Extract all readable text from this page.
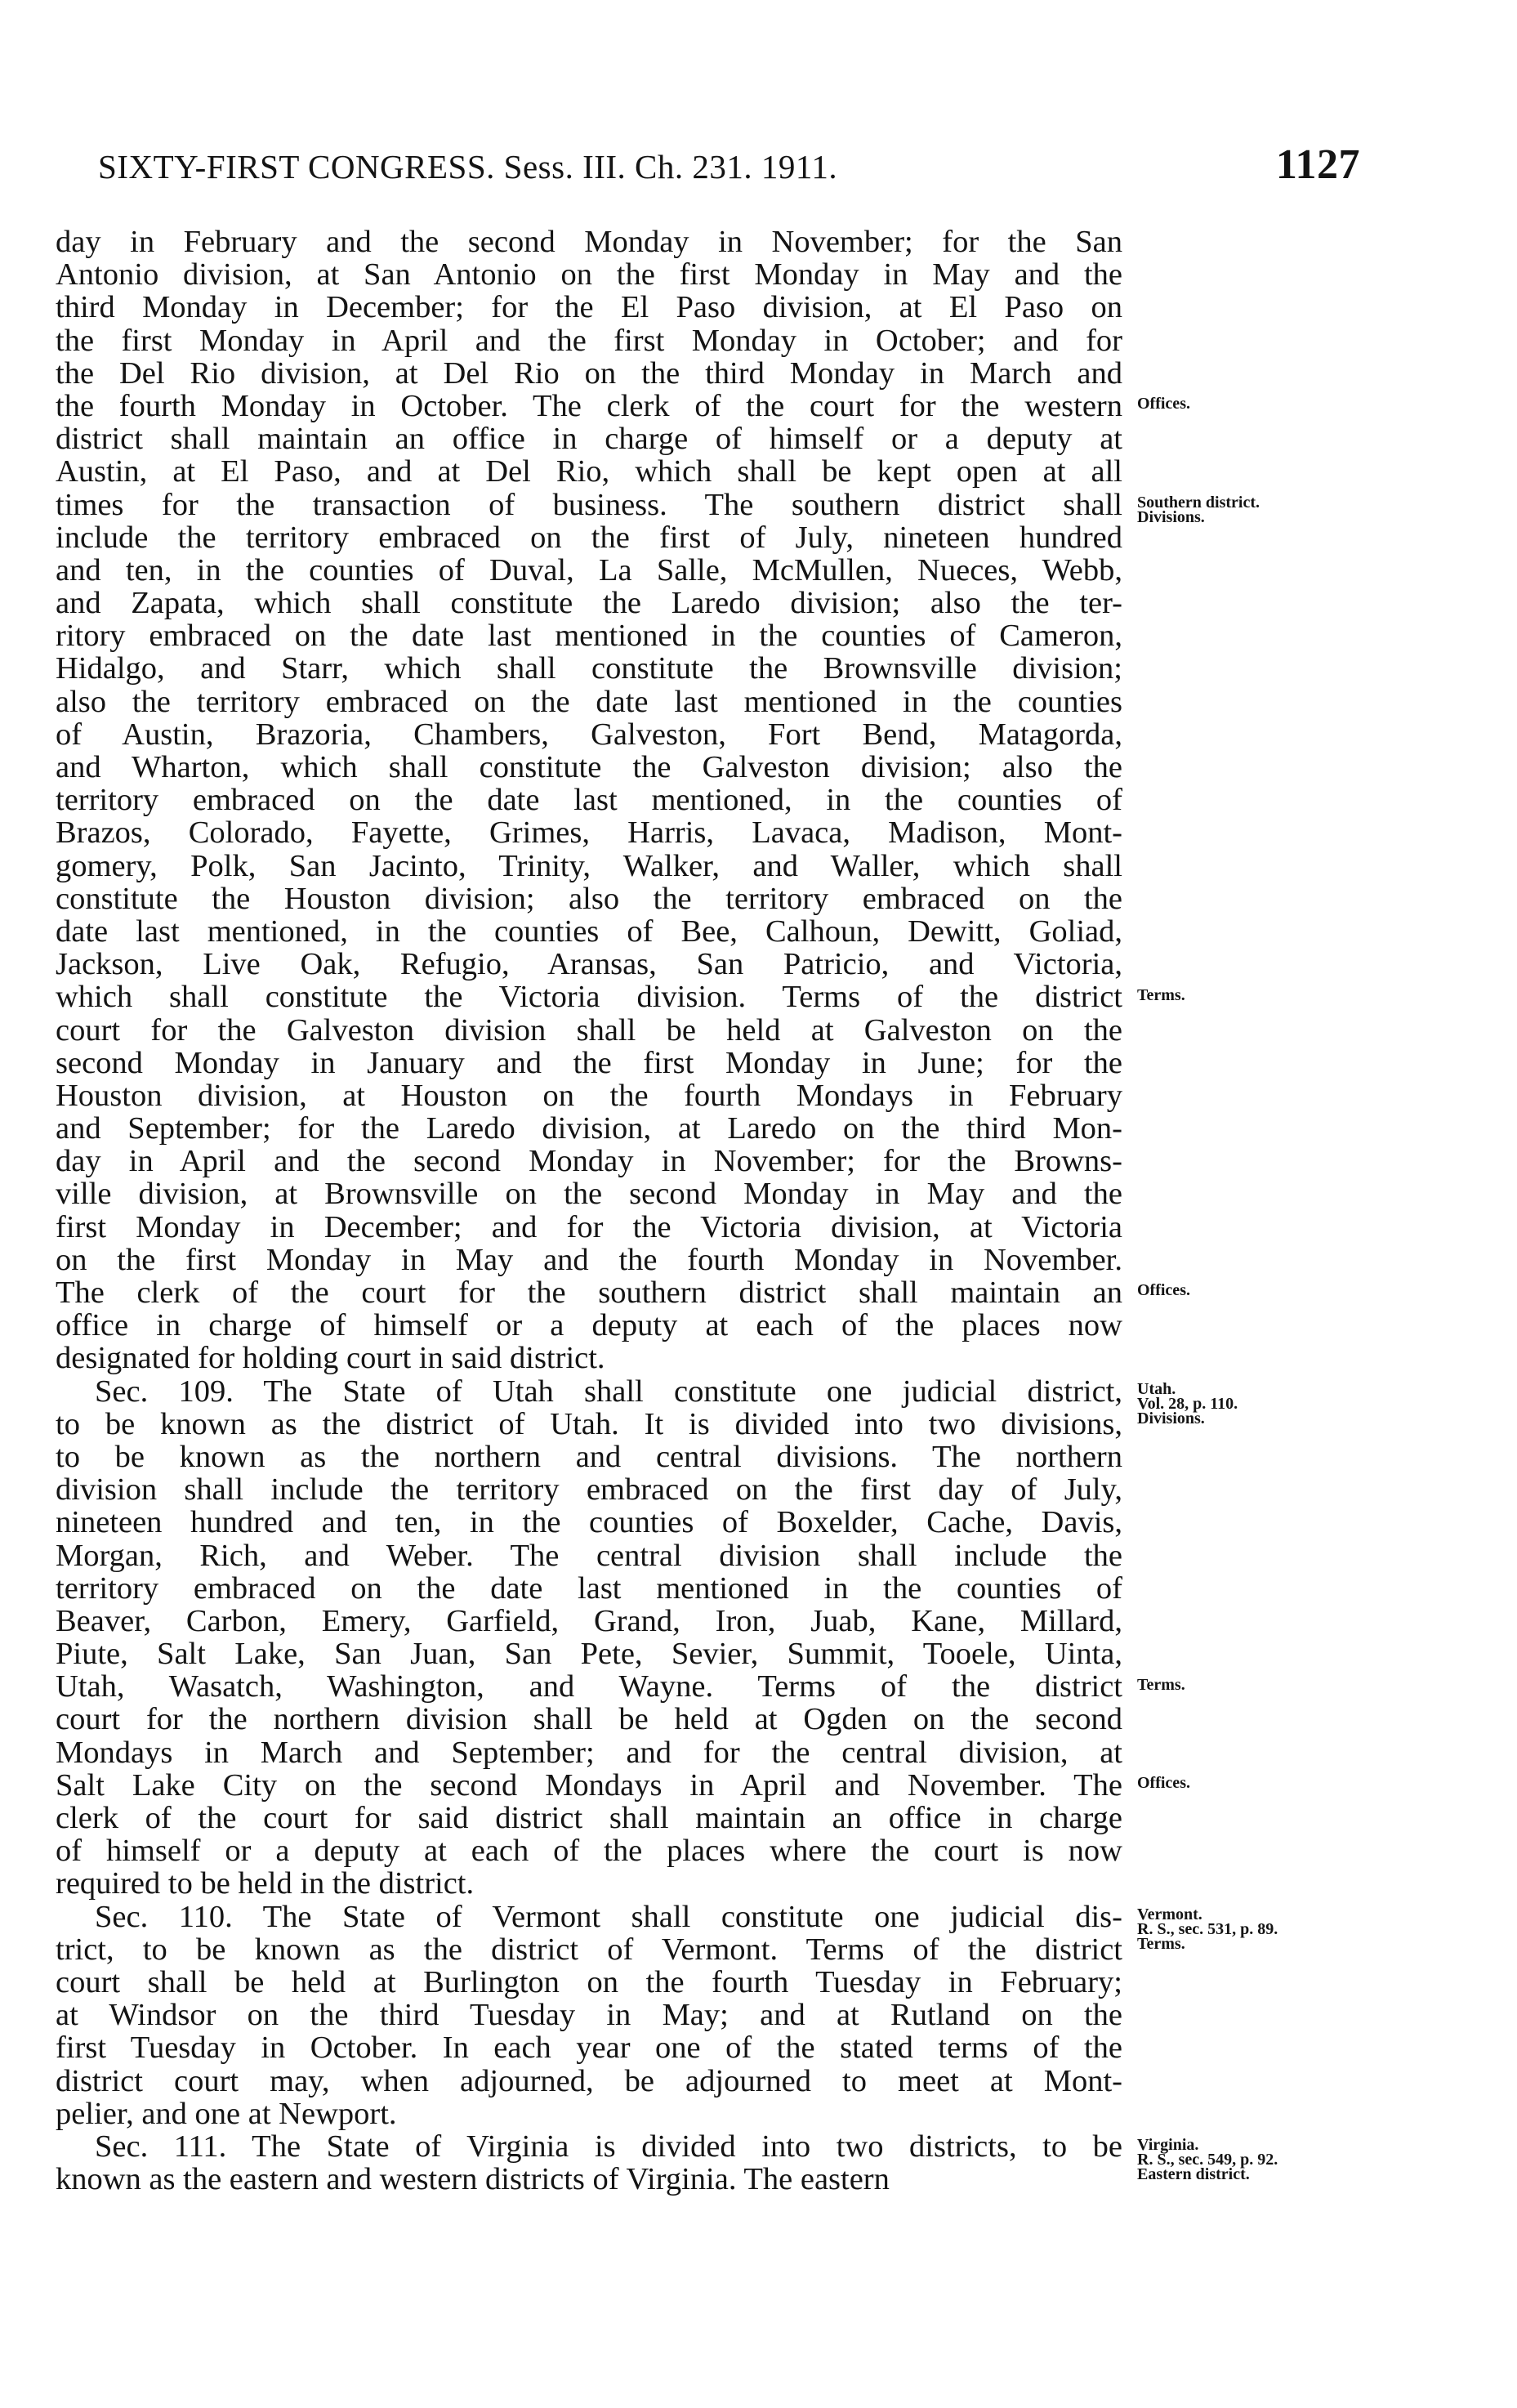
SIXTY-FIRST CONGRESS. Sess. III. Ch. 231. 1911.	1127
day in February and the second Monday in November; for the San
Antonio division, at San Antonio on the first Monday in May and the
third Monday in December; for the El Paso division, at El Paso on
the first Monday in April and the first Monday in October; and for
the Del Rio division, at Del Rio on the third Monday in March and
the fourth Monday in October. The clerk of the court for the western
district shall maintain an office in charge of himself or a deputy at
Austin, at El Paso, and at Del Rio, which shall be kept open at all
times for the transaction of business. The southern district shall
include the territory embraced on the first of July, nineteen hundred
and ten, in the counties of Duval, La Salle, McMullen, Nueces, Webb,
and Zapata, which shall constitute the Laredo division; also the ter-
ritory embraced on the date last mentioned in the counties of Cameron,
Hidalgo, and Starr, which shall constitute the Brownsville division;
also the territory embraced on the date last mentioned in the counties
of Austin, Brazoria, Chambers, Galveston, Fort Bend, Matagorda,
and Wharton, which shall constitute the Galveston division; also the
territory embraced on the date last mentioned, in the counties of
Brazos, Colorado, Fayette, Grimes, Harris, Lavaca, Madison, Mont-
gomery, Polk, San Jacinto, Trinity, Walker, and Waller, which shall
constitute the Houston division; also the territory embraced on the
date last mentioned, in the counties of Bee, Calhoun, Dewitt, Goliad,
Jackson, Live Oak, Refugio, Aransas, San Patricio, and Victoria,
which shall constitute the Victoria division. Terms of the district
court for the Galveston division shall be held at Galveston on the
second Monday in January and the first Monday in June; for the
Houston division, at Houston on the fourth Mondays in February
and September; for the Laredo division, at Laredo on the third Mon-
day in April and the second Monday in November; for the Browns-
ville division, at Brownsville on the second Monday in May and the
first Monday in December; and for the Victoria division, at Victoria
on the first Monday in May and the fourth Monday in November.
The clerk of the court for the southern district shall maintain an
office in charge of himself or a deputy at each of the places now
designated for holding court in said district.
Sec. 109. The State of Utah shall constitute one judicial district,
to be known as the district of Utah. It is divided into two divisions,
to be known as the northern and central divisions. The northern
division shall include the territory embraced on the first day of July,
nineteen hundred and ten, in the counties of Boxelder, Cache, Davis,
Morgan, Rich, and Weber. The central division shall include the
territory embraced on the date last mentioned in the counties of
Beaver, Carbon, Emery, Garfield, Grand, Iron, Juab, Kane, Millard,
Piute, Salt Lake, San Juan, San Pete, Sevier, Summit, Tooele, Uinta,
Utah, Wasatch, Washington, and Wayne. Terms of the district
court for the northern division shall be held at Ogden on the second
Mondays in March and September; and for the central division, at
Salt Lake City on the second Mondays in April and November. The
clerk of the court for said district shall maintain an office in charge
of himself or a deputy at each of the places where the court is now
required to be held in the district.
Sec. 110. The State of Vermont shall constitute one judicial dis-
trict, to be known as the district of Vermont. Terms of the district
court shall be held at Burlington on the fourth Tuesday in February;
at Windsor on the third Tuesday in May; and at Rutland on the
first Tuesday in October. In each year one of the stated terms of the
district court may, when adjourned, be adjourned to meet at Mont-
pelier, and one at Newport.
Sec. 111. The State of Virginia is divided into two districts, to be
known as the eastern and western districts of Virginia. The eastern
Offices.
Southern district.
Divisions.
Terms.
Offices.
Utah.
Vol. 28, p. 110.
Divisions.
Terms.
Offices.
Vermont.
R. S., sec. 531, p. 89.
Terms.
Virginia.
R. S., sec. 549, p. 92.
Eastern district.
